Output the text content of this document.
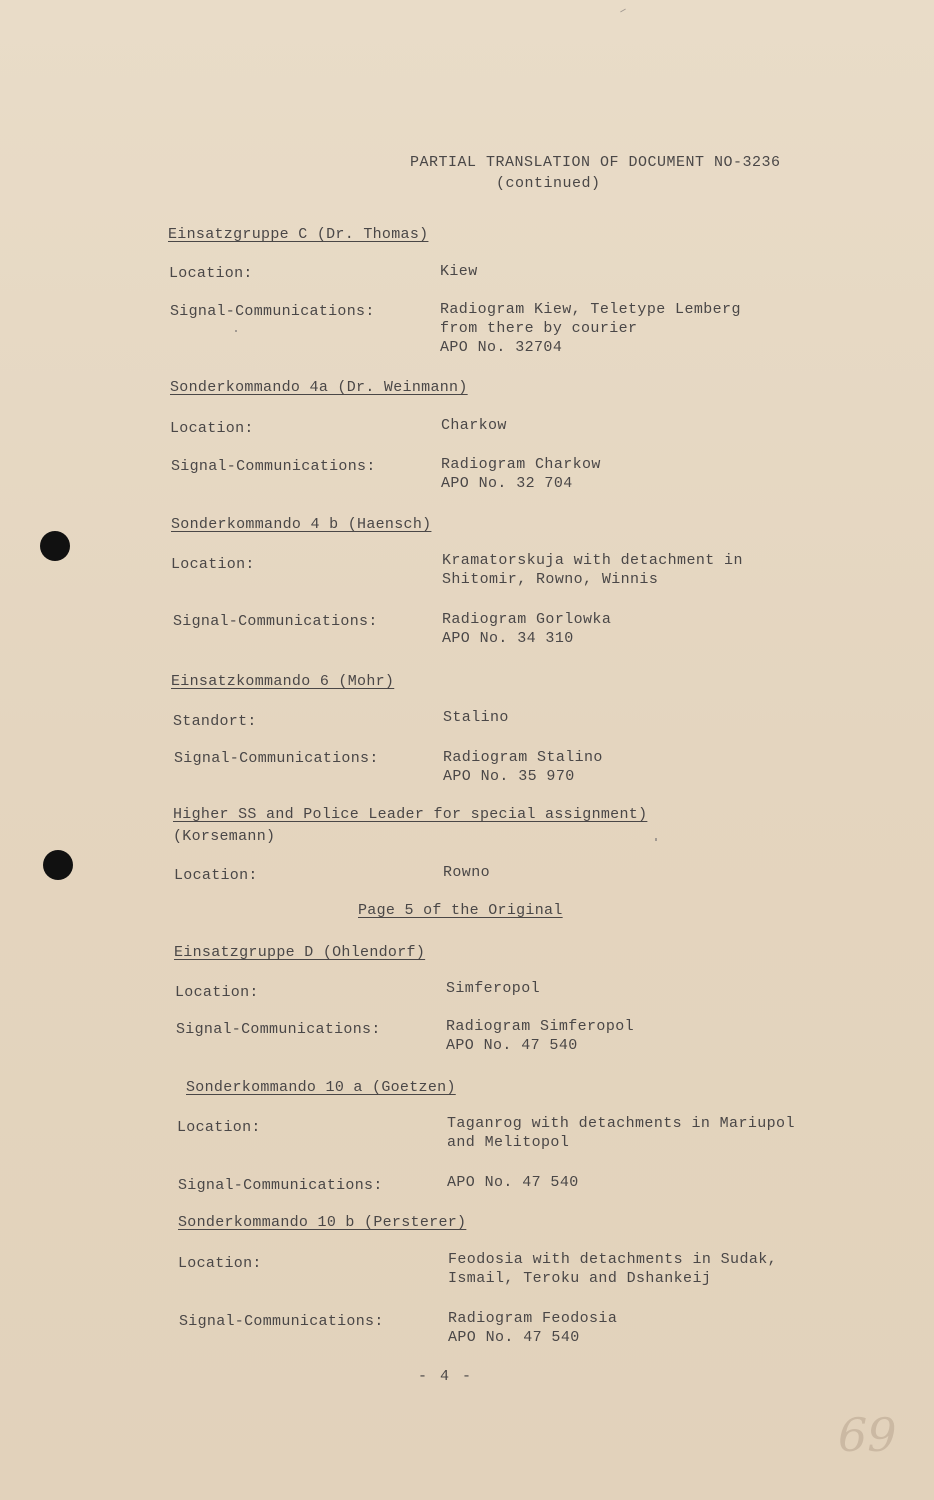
PARTIAL TRANSLATION OF DOCUMENT NO-3236
(continued)
Einsatzgruppe C (Dr. Thomas)
Location:	Kiew
Signal-Communications:	Radiogram Kiew, Teletype Lemberg
from there by courier
APO No. 32704
Sonderkommando 4a (Dr. Weinmann)
Location:	Charkow
Signal-Communications:	Radiogram Charkow
APO No. 32 704
Sonderkommando 4 b (Haensch)
Location:	Kramatorskuja with detachment in
Shitomir, Rowno, Winnis
Signal-Communications:	Radiogram Gorlowka
APO No. 34 310
Einsatzkommando 6 (Mohr)
Standort:	Stalino
Signal-Communications:	Radiogram Stalino
APO No. 35 970
Higher SS and Police Leader for special assignment)
(Korsemann)
Location:	Rowno
Page 5 of the Original
Einsatzgruppe D (Ohlendorf)
Location:	Simferopol
Signal-Communications:	Radiogram Simferopol
APO No. 47 540
Sonderkommando 10 a (Goetzen)
Location:	Taganrog with detachments in Mariupol
and Melitopol
Signal-Communications:	APO No. 47 540
Sonderkommando 10 b (Persterer)
Location:	Feodosia with detachments in Sudak,
Ismail, Teroku and Dshankeij
Signal-Communications:	Radiogram Feodosia
APO No. 47 540
- 4 -
69
